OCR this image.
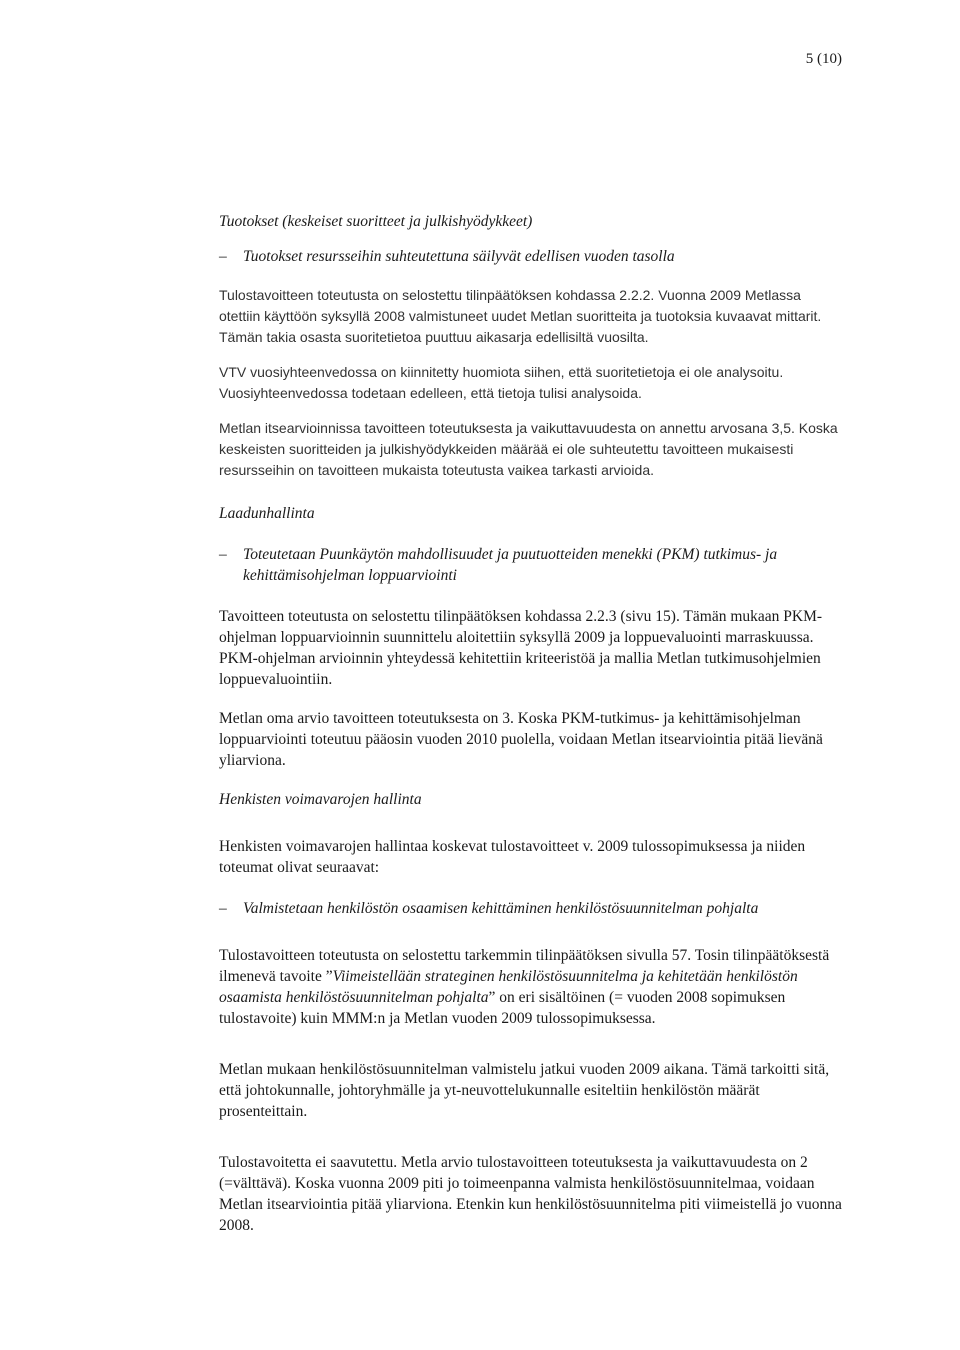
5 (10)

Tuotokset (keskeiset suoritteet ja julkishyödykkeet)

– Tuotokset resursseihin suhteutettuna säilyvät edellisen vuoden tasolla

Tulostavoitteen toteutusta on selostettu tilinpäätöksen kohdassa 2.2.2. Vuonna 2009 Metlassa otettiin käyttöön syksyllä 2008 valmistuneet uudet Metlan suoritteita ja tuotoksia kuvaavat mittarit. Tämän takia osasta suoritetietoa puuttuu aikasarja edellisiltä vuosilta.

VTV vuosiyhteenvedossa on kiinnitetty huomiota siihen, että suoritetietoja ei ole analysoitu. Vuosiyhteenvedossa todetaan edelleen, että tietoja tulisi analysoida.

Metlan itsearvioinnissa tavoitteen toteutuksesta ja vaikuttavuudesta on annettu arvosana 3,5. Koska keskeisten suoritteiden ja julkishyödykkeiden määrää ei ole suhteutettu tavoitteen mukaisesti resursseihin on tavoitteen mukaista toteutusta vaikea tarkasti arvioida.

Laadunhallinta

– Toteutetaan Puunkäytön mahdollisuudet ja puutuotteiden menekki (PKM) tutkimus- ja kehittämisohjelman loppuarviointi

Tavoitteen toteutusta on selostettu tilinpäätöksen kohdassa 2.2.3 (sivu 15). Tämän mukaan PKM-ohjelman loppuarvioinnin suunnittelu aloitettiin syksyllä 2009 ja loppuevaluointi marraskuussa. PKM-ohjelman arvioinnin yhteydessä kehitettiin kriteeristöä ja mallia Metlan tutkimusohjelmien loppuevaluointiin.

Metlan oma arvio tavoitteen toteutuksesta on 3. Koska PKM-tutkimus- ja kehittämisohjelman loppuarviointi toteutuu pääosin vuoden 2010 puolella, voidaan Metlan itsearviointia pitää lievänä yliarviona.

Henkisten voimavarojen hallinta

Henkisten voimavarojen hallintaa koskevat tulostavoitteet v. 2009 tulossopimuksessa ja niiden toteumat olivat seuraavat:

– Valmistetaan henkilöstön osaamisen kehittäminen henkilöstösuunnitelman pohjalta

Tulostavoitteen toteutusta on selostettu tarkemmin tilinpäätöksen sivulla 57. Tosin tilinpäätöksestä ilmenevä tavoite ”Viimeistellään strateginen henkilöstösuunnitelma ja kehitetään henkilöstön osaamista henkilöstösuunnitelman pohjalta” on eri sisältöinen (= vuoden 2008 sopimuksen tulostavoite) kuin MMM:n ja Metlan vuoden 2009 tulossopimuksessa.

Metlan mukaan henkilöstösuunnitelman valmistelu jatkui vuoden 2009 aikana. Tämä tarkoitti sitä, että johtokunnalle, johtoryhmälle ja yt-neuvottelukunnalle esiteltiin henkilöstön määrät prosenteittain.

Tulostavoitetta ei saavutettu. Metla arvio tulostavoitteen toteutuksesta ja vaikuttavuudesta on 2 (=välttävä). Koska vuonna 2009 piti jo toimeenpanna valmista henkilöstösuunnitelmaa, voidaan Metlan itsearviointia pitää yliarviona. Etenkin kun henkilöstösuunnitelma piti viimeistellä jo vuonna 2008.
